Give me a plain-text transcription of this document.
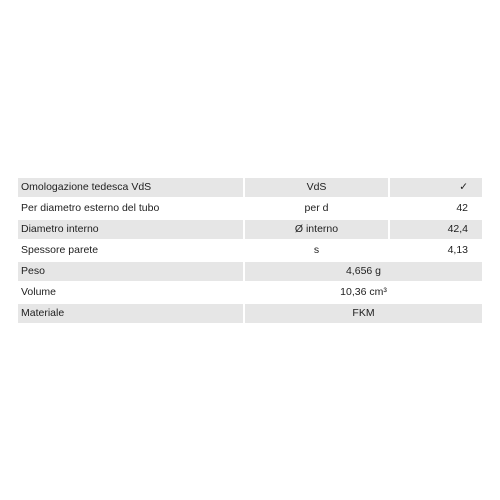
Omologazione tedesca VdS	VdS	✓
Per diametro esterno del tubo	per d	42
Diametro interno	Ø interno	42,4
Spessore parete	s	4,13
Peso	4,656 g
Volume	10,36 cm³
Materiale	FKM
